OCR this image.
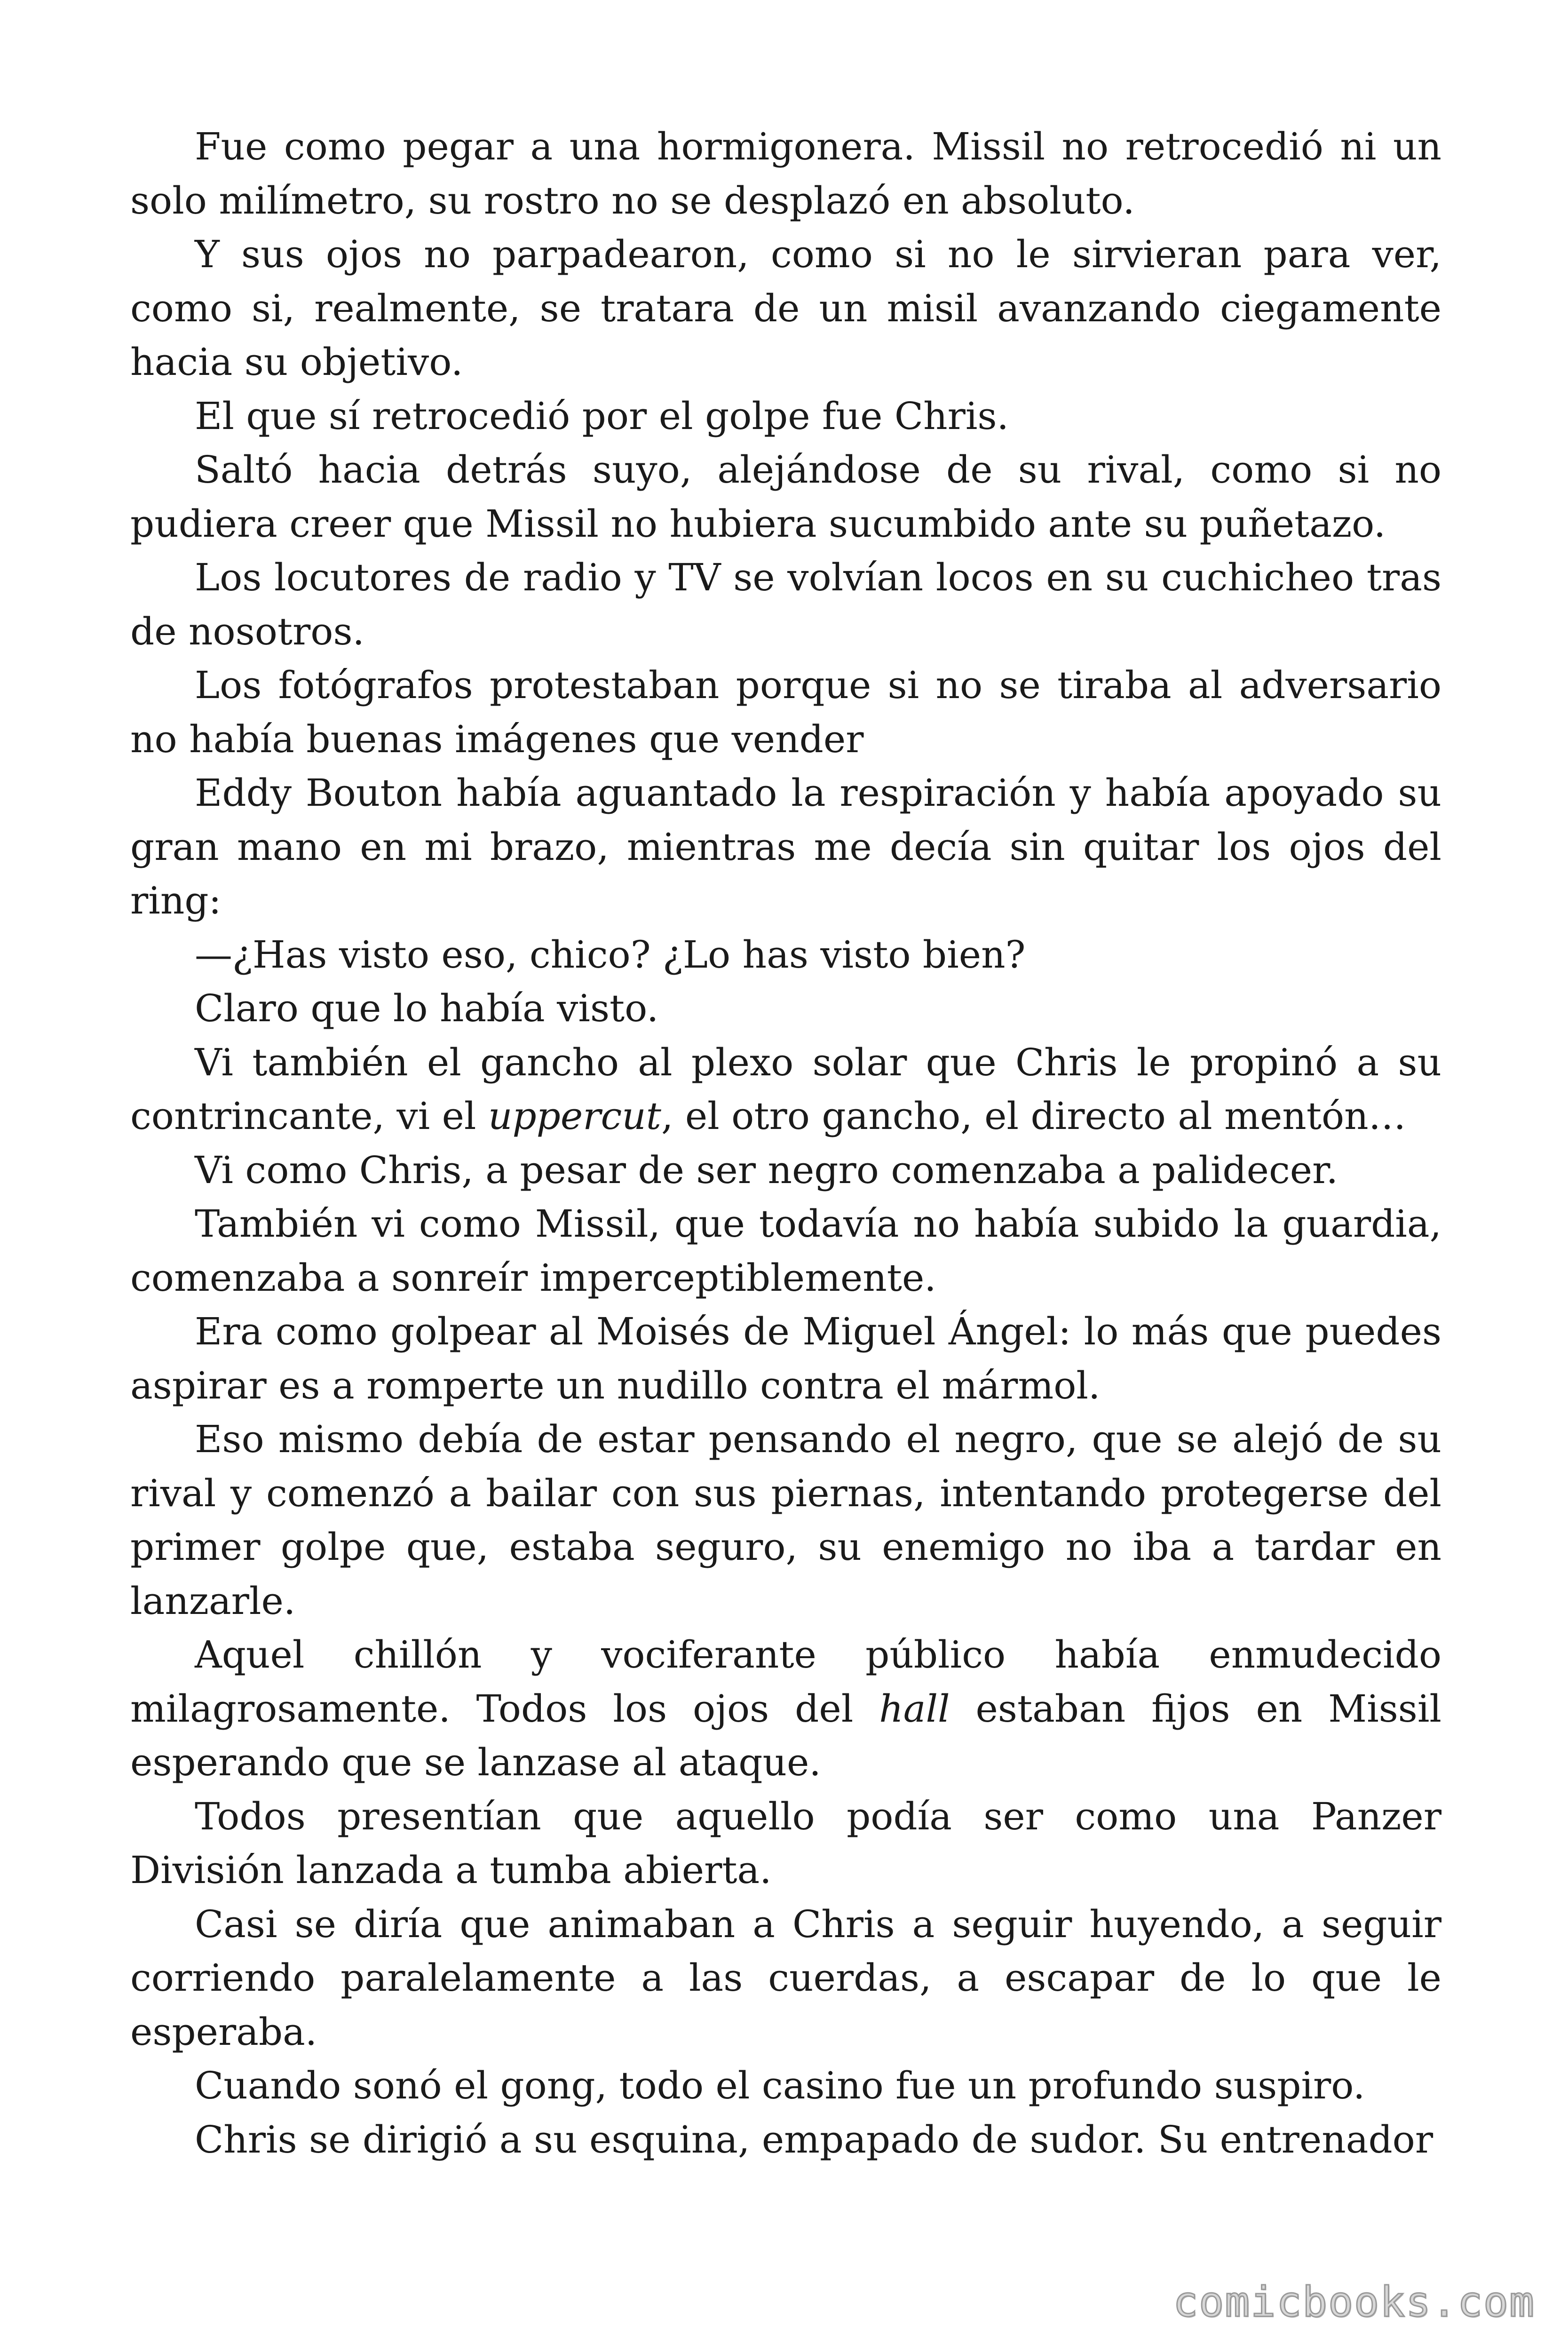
Fue como pegar a una hormigonera. Missil no retrocedió ni un solo milímetro, su rostro no se desplazó en absoluto.

Y sus ojos no parpadearon, como si no le sirvieran para ver, como si, realmente, se tratara de un misil avanzando ciegamente hacia su objetivo.

El que sí retrocedió por el golpe fue Chris.

Saltó hacia detrás suyo, alejándose de su rival, como si no pudiera creer que Missil no hubiera sucumbido ante su puñetazo.

Los locutores de radio y TV se volvían locos en su cuchicheo tras de nosotros.

Los fotógrafos protestaban porque si no se tiraba al adversario no había buenas imágenes que vender

Eddy Bouton había aguantado la respiración y había apoyado su gran mano en mi brazo, mientras me decía sin quitar los ojos del ring:

—¿Has visto eso, chico? ¿Lo has visto bien?

Claro que lo había visto.

Vi también el gancho al plexo solar que Chris le propinó a su contrincante, vi el uppercut, el otro gancho, el directo al mentón…

Vi como Chris, a pesar de ser negro comenzaba a palidecer.

También vi como Missil, que todavía no había subido la guardia, comenzaba a sonreír imperceptiblemente.

Era como golpear al Moisés de Miguel Ángel: lo más que puedes aspirar es a romperte un nudillo contra el mármol.

Eso mismo debía de estar pensando el negro, que se alejó de su rival y comenzó a bailar con sus piernas, intentando protegerse del primer golpe que, estaba seguro, su enemigo no iba a tardar en lanzarle.

Aquel chillón y vociferante público había enmudecido milagrosamente. Todos los ojos del hall estaban fijos en Missil esperando que se lanzase al ataque.

Todos presentían que aquello podía ser como una Panzer División lanzada a tumba abierta.

Casi se diría que animaban a Chris a seguir huyendo, a seguir corriendo paralelamente a las cuerdas, a escapar de lo que le esperaba.

Cuando sonó el gong, todo el casino fue un profundo suspiro.

Chris se dirigió a su esquina, empapado de sudor. Su entrenador

comicbooks.com
